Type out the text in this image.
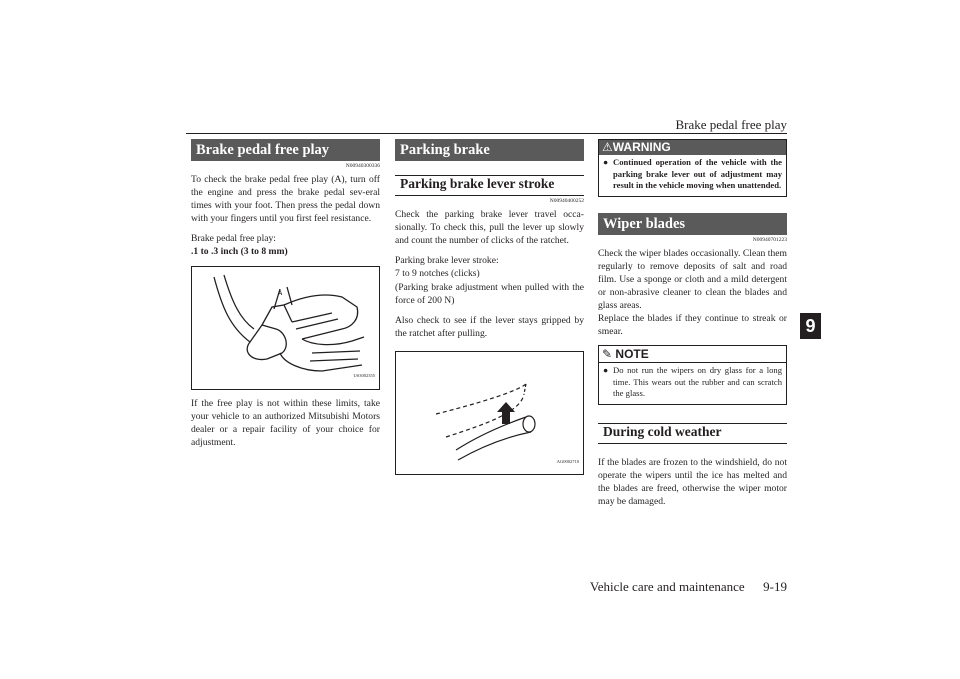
Brake pedal free play
9
Brake pedal free play
N00940300336

To check the brake pedal free play (A), turn off the engine and press the brake pedal sev-eral times with your foot. Then press the pedal down with your fingers until you first feel resistance.

Brake pedal free play:

.1 to .3 inch (3 to 8 mm)

A
US3002355

If the free play is not within these limits, take your vehicle to an authorized Mitsubishi Motors dealer or a repair facility of your choice for adjustment.

Parking brake
Parking brake lever stroke
N00940400252

Check the parking brake lever travel occa-sionally. To check this, pull the lever up slowly and count the number of clicks of the ratchet.

Parking brake lever stroke:

7 to 9 notches (clicks)

(Parking brake adjustment when pulled with the force of 200 N)

Also check to see if the lever stays gripped by the ratchet after pulling.

AG0002710
⚠WARNING
● Continued operation of the vehicle with the parking brake lever out of adjustment may result in the vehicle moving when unattended.
Wiper blades
N00940701223

Check the wiper blades occasionally. Clean them regularly to remove deposits of salt and road film. Use a sponge or cloth and a mild detergent or non-abrasive cleaner to clean the blades and glass areas.

Replace the blades if they continue to streak or smear.

✎ NOTE
● Do not run the wipers on dry glass for a long time. This wears out the rubber and can scratch the glass.
During cold weather

If the blades are frozen to the windshield, do not operate the wipers until the ice has melted and the blades are freed, otherwise the wiper motor may be damaged.

Vehicle care and maintenance 9-19
